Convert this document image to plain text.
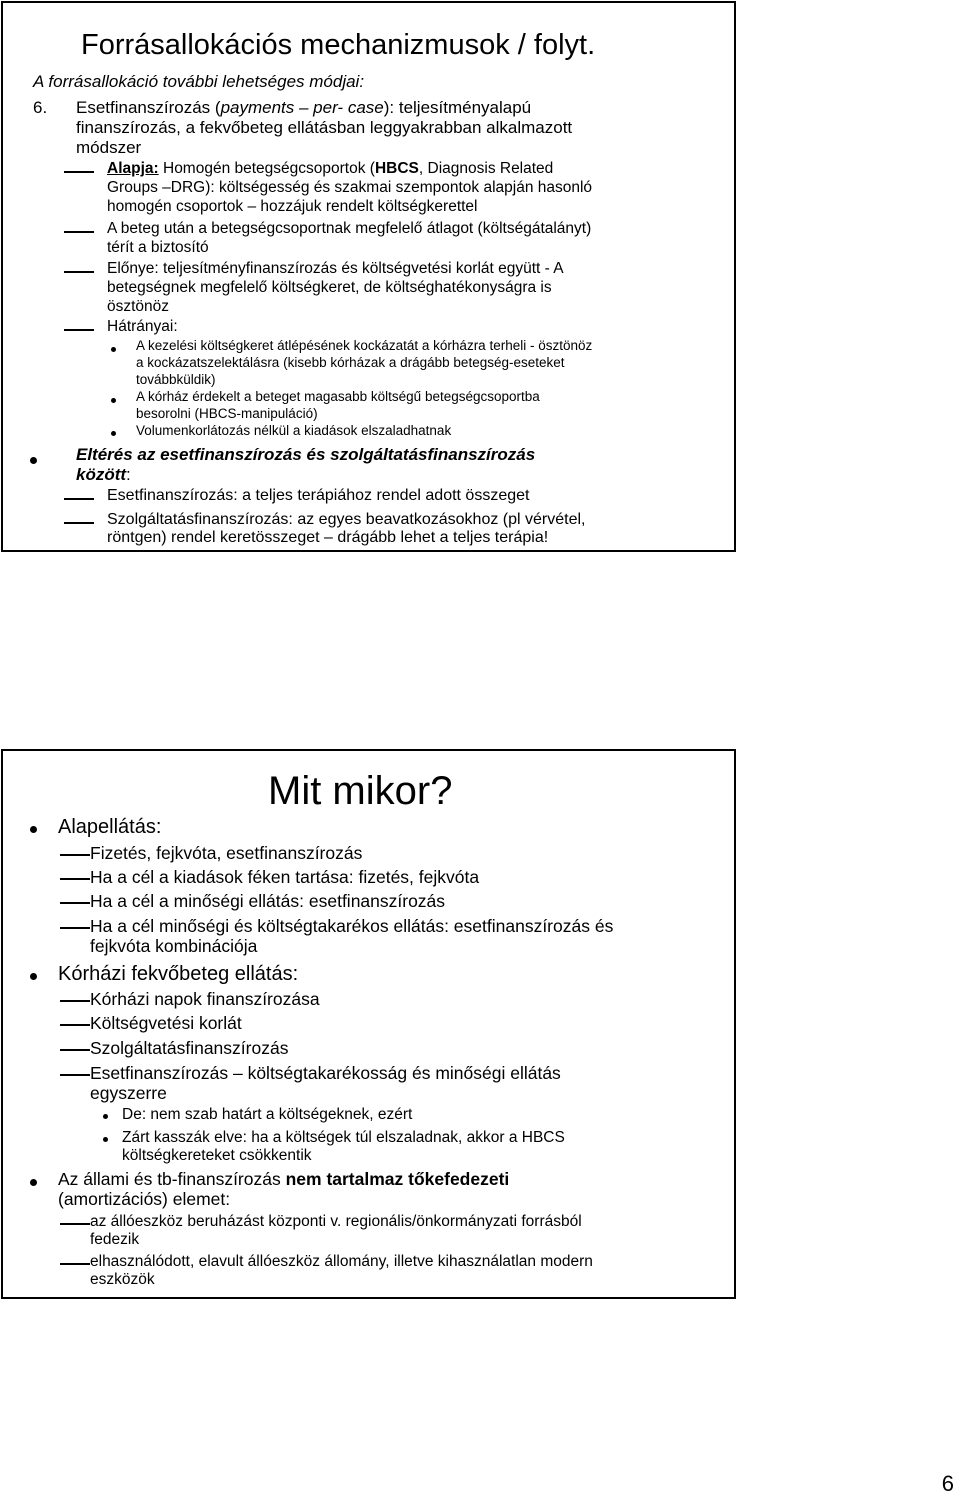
Forrásallokációs mechanizmusok / folyt.
A forrásallokáció további lehetséges módjai:
6. Esetfinanszírozás (payments – per- case): teljesítményalapú
finanszírozás, a fekvőbeteg ellátásban leggyakrabban alkalmazott
módszer
Alapja: Homogén betegségcsoportok (HBCS, Diagnosis Related
Groups –DRG): költségesség és szakmai szempontok alapján hasonló
homogén csoportok – hozzájuk rendelt költségkerettel
A beteg után a betegségcsoportnak megfelelő átlagot (költségátalányt)
térít a biztosító
Előnye: teljesítményfinanszírozás és költségvetési korlát együtt - A
betegségnek megfelelő költségkeret, de költséghatékonyságra is
ösztönöz
Hátrányai:
A kezelési költségkeret átlépésének kockázatát a kórházra terheli - ösztönöz
a kockázatszelektálásra (kisebb kórházak a drágább betegség-eseteket
továbbküldik)
A kórház érdekelt a beteget magasabb költségű betegségcsoportba
besorolni (HBCS-manipuláció)
Volumenkorlátozás nélkül a kiadások elszaladhatnak
Eltérés az esetfinanszírozás és szolgáltatásfinanszírozás
között:
Esetfinanszírozás: a teljes terápiához rendel adott összeget
Szolgáltatásfinanszírozás: az egyes beavatkozásokhoz (pl vérvétel,
röntgen) rendel keretösszeget – drágább lehet a teljes terápia!
Mit mikor?
Alapellátás:
Fizetés, fejkvóta, esetfinanszírozás
Ha a cél a kiadások féken tartása: fizetés, fejkvóta
Ha a cél a minőségi ellátás: esetfinanszírozás
Ha a cél minőségi és költségtakarékos ellátás: esetfinanszírozás és
fejkvóta kombinációja
Kórházi fekvőbeteg ellátás:
Kórházi napok finanszírozása
Költségvetési korlát
Szolgáltatásfinanszírozás
Esetfinanszírozás – költségtakarékosság és minőségi ellátás
egyszerre
De: nem szab határt a költségeknek, ezért
Zárt kasszák elve: ha a költségek túl elszaladnak, akkor a HBCS
költségkereteket csökkentik
Az állami és tb-finanszírozás nem tartalmaz tőkefedezeti
(amortizációs) elemet:
az állóeszköz beruházást központi v. regionális/önkormányzati forrásból
fedezik
elhasználódott, elavult állóeszköz állomány, illetve kihasználatlan modern
eszközök
6
